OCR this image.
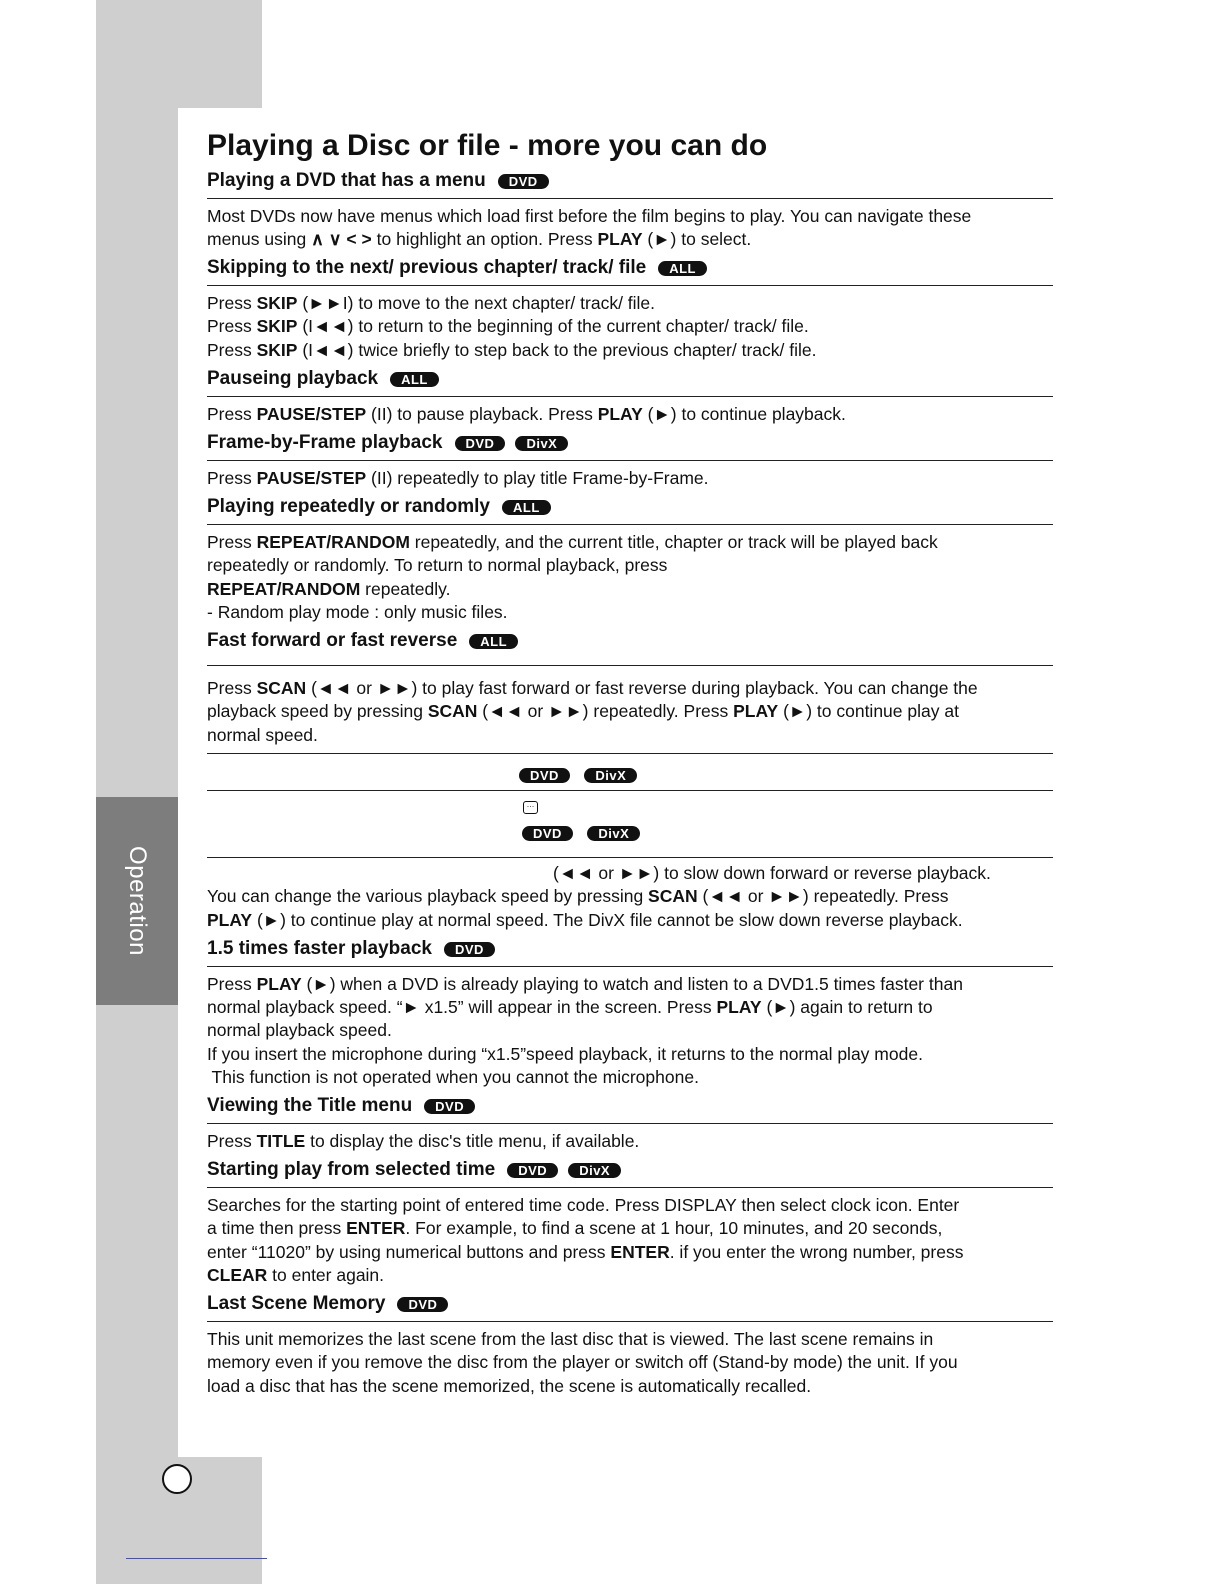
Operation
Playing a Disc or file - more you can do
Playing a DVD that has a menu	DVD

Most DVDs now have menus which load first before the film begins to play. You can navigate these

menus using ∧ ∨ < > to highlight an option. Press PLAY (►) to select.

Skipping to the next/ previous chapter/ track/ file	ALL

Press SKIP (►►I) to move to the next chapter/ track/ file.

Press SKIP (I◄◄) to return to the beginning of the current chapter/ track/ file.

Press SKIP (I◄◄) twice briefly to step back to the previous chapter/ track/ file.

Pauseing playback	ALL

Press PAUSE/STEP (II) to pause playback. Press PLAY (►) to continue playback.

Frame-by-Frame playback	DVD	DivX

Press PAUSE/STEP (II) repeatedly to play title Frame-by-Frame.

Playing repeatedly or randomly	ALL

Press REPEAT/RANDOM repeatedly, and the current title, chapter or track will be played back

repeatedly or randomly. To return to normal playback, press

REPEAT/RANDOM repeatedly.

- Random play mode : only music files.

Fast forward or fast reverse	ALL

Press SCAN (◄◄ or ►►) to play fast forward or fast reverse during playback. You can change the

playback speed by pressing SCAN (◄◄ or ►►) repeatedly. Press PLAY (►) to continue play at

normal speed.

DVD	DivX
…
DVD	DivX

(◄◄ or ►►) to slow down forward or reverse playback.

You can change the various playback speed by pressing SCAN (◄◄ or ►►) repeatedly. Press

PLAY (►) to continue play at normal speed. The DivX file cannot be slow down reverse playback.

1.5 times faster playback	DVD

Press PLAY (►) when a DVD is already playing to watch and listen to a DVD1.5 times faster than

normal playback speed. “► x1.5” will appear in the screen. Press PLAY (►) again to return to

normal playback speed.

If you insert the microphone during “x1.5”speed playback, it returns to the normal play mode.

This function is not operated when you cannot the microphone.

Viewing the Title menu	DVD

Press TITLE to display the disc's title menu, if available.

Starting play from selected time	DVD	DivX

Searches for the starting point of entered time code. Press DISPLAY then select clock icon. Enter

a time then press ENTER. For example, to find a scene at 1 hour, 10 minutes, and 20 seconds,

enter “11020” by using numerical buttons and press ENTER. if you enter the wrong number, press

CLEAR to enter again.

Last Scene Memory	DVD

This unit memorizes the last scene from the last disc that is viewed. The last scene remains in

memory even if you remove the disc from the player or switch off (Stand-by mode) the unit. If you

load a disc that has the scene memorized, the scene is automatically recalled.
